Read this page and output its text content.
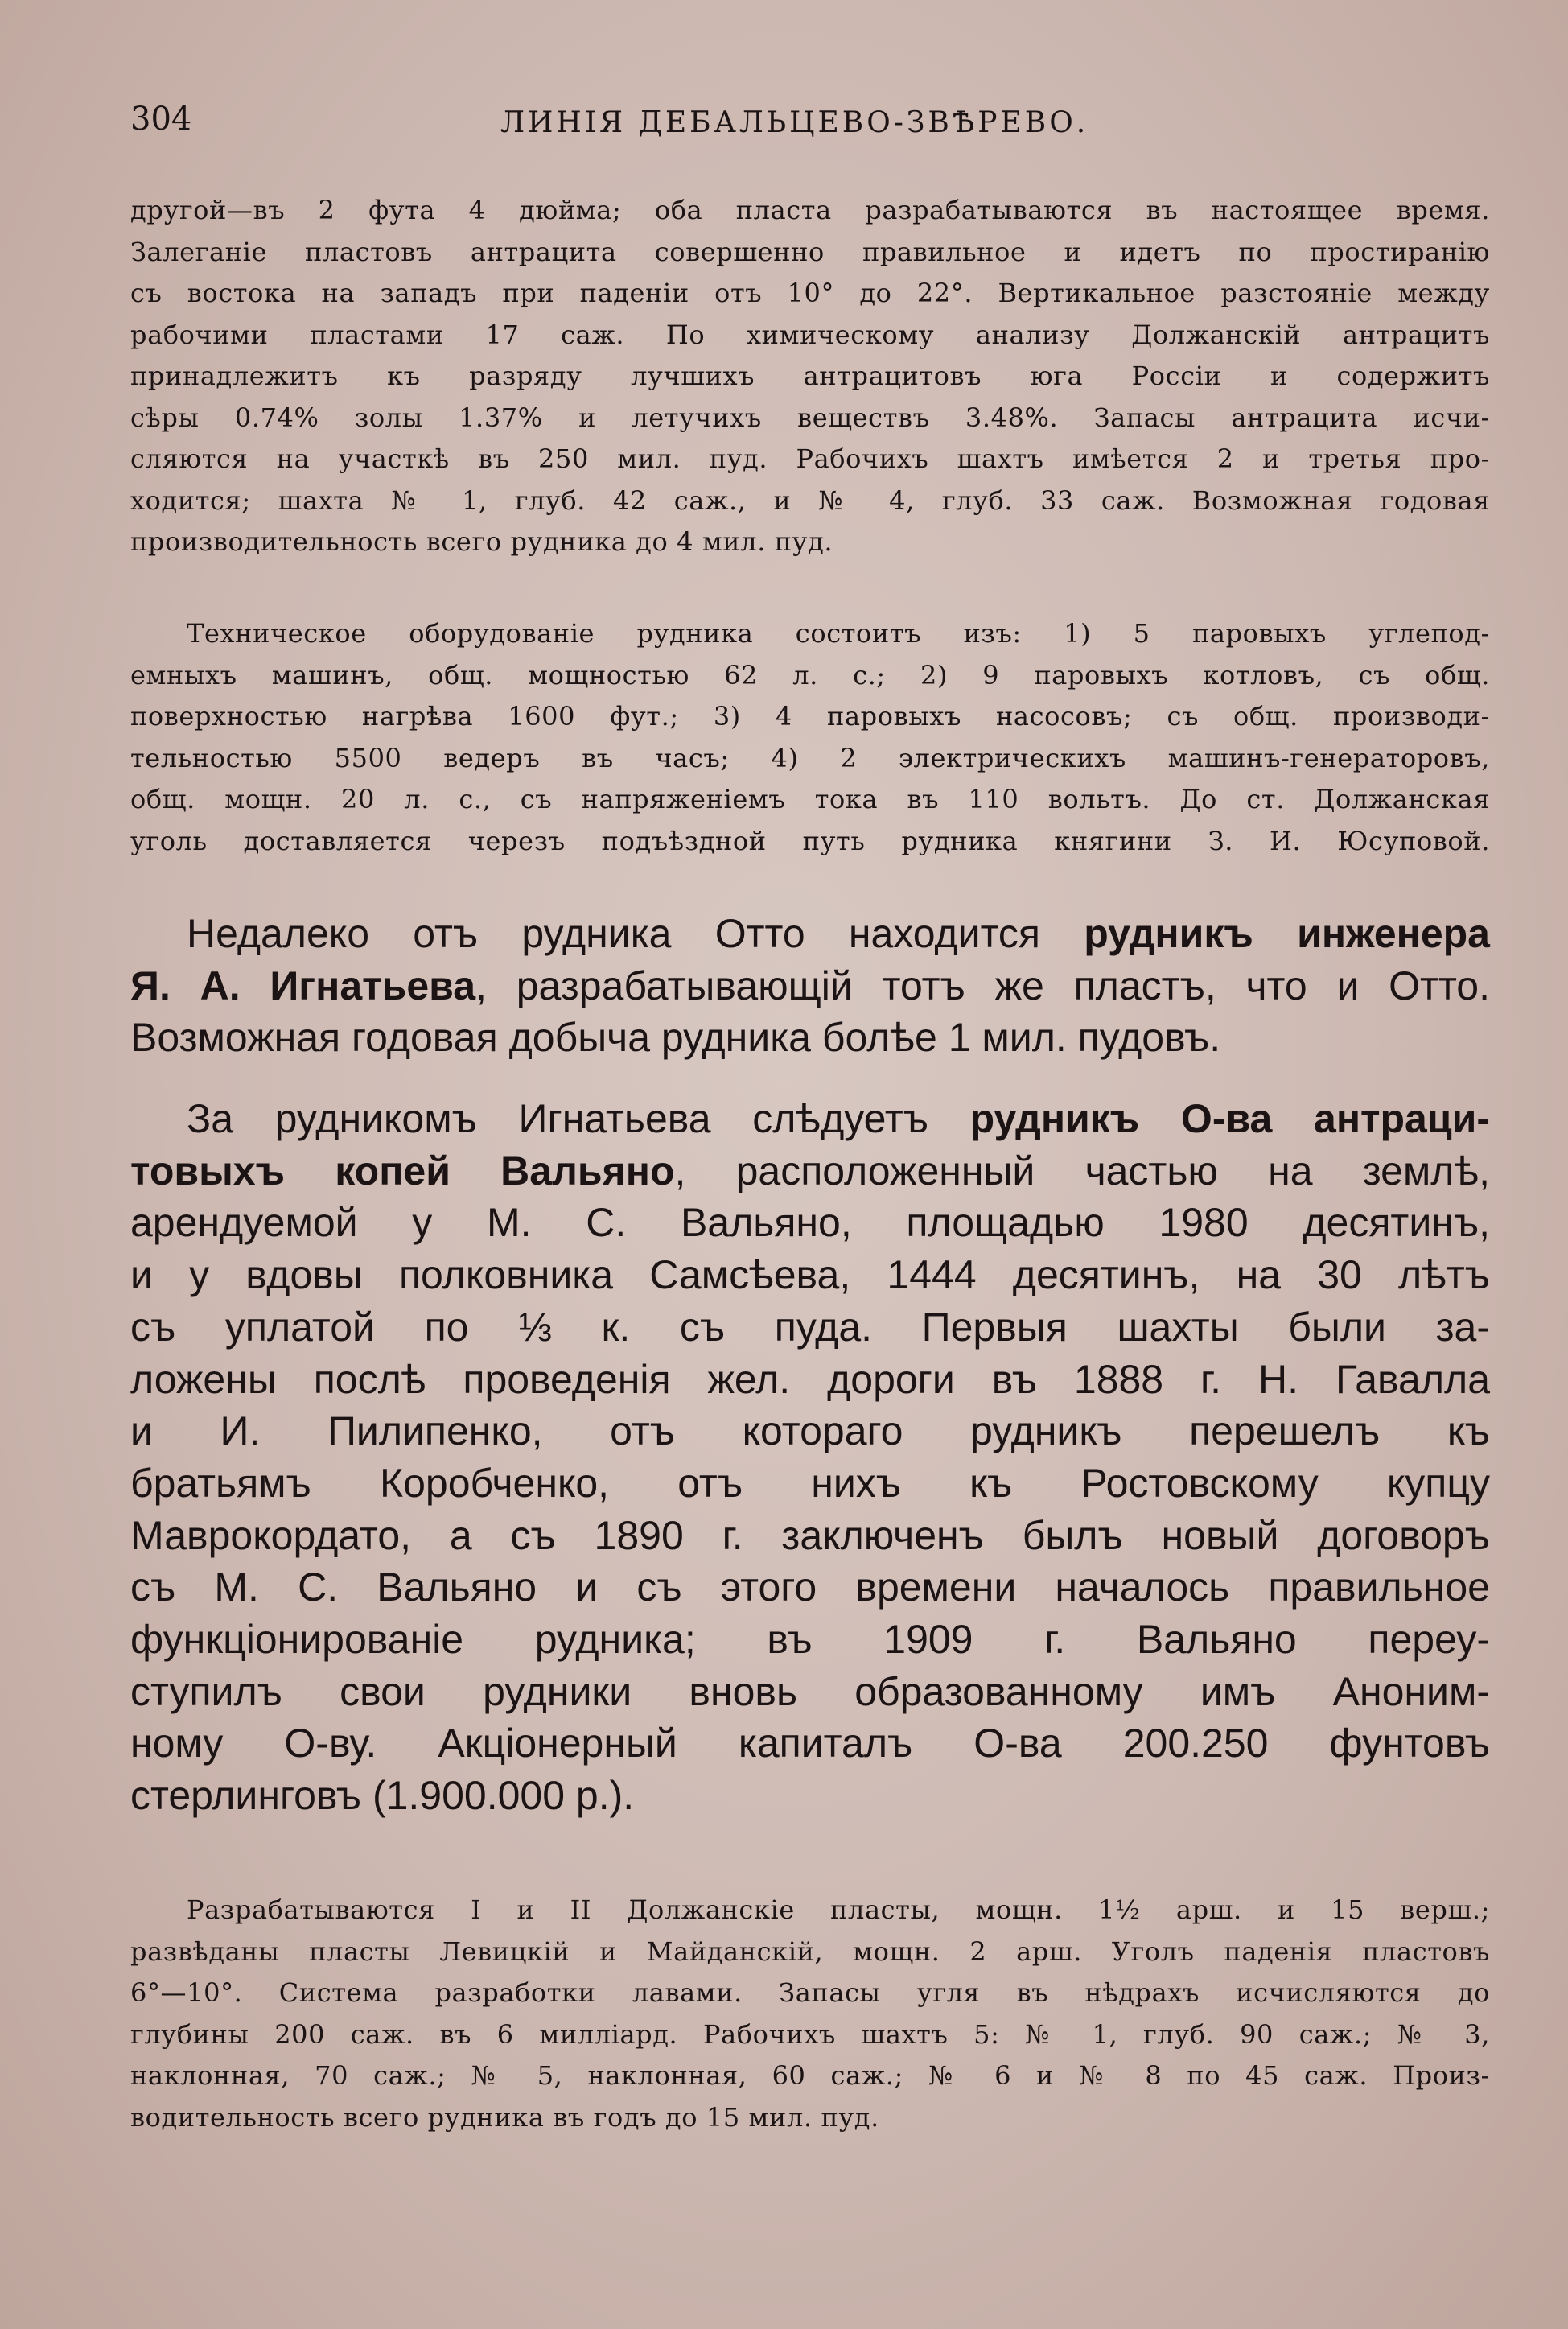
304	ЛИНІЯ ДЕБАЛЬЦЕВО-ЗВѢРЕВО.

другой—въ 2 фута 4 дюйма; оба пласта разрабатываются въ настоящее время.

Залеганіе пластовъ антрацита совершенно правильное и идетъ по простиранію

съ востока на западъ при паденіи отъ 10° до 22°. Вертикальное разстояніе между

рабочими пластами 17 саж. По химическому анализу Должанскій антрацитъ

принадлежитъ къ разряду лучшихъ антрацитовъ юга Россіи и содержитъ

сѣры 0.74% золы 1.37% и летучихъ веществъ 3.48%. Запасы антрацита исчи-

сляются на участкѣ въ 250 мил. пуд. Рабочихъ шахтъ имѣется 2 и третья про-

ходится; шахта № 1, глуб. 42 саж., и № 4, глуб. 33 саж. Возможная годовая

производительность всего рудника до 4 мил. пуд.

Техническое оборудованіе рудника состоитъ изъ: 1) 5 паровыхъ углепод-

емныхъ машинъ, общ. мощностью 62 л. с.; 2) 9 паровыхъ котловъ, съ общ.

поверхностью нагрѣва 1600 фут.; 3) 4 паровыхъ насосовъ; съ общ. производи-

тельностью 5500 ведеръ въ часъ; 4) 2 электрическихъ машинъ-генераторовъ,

общ. мощн. 20 л. с., съ напряженіемъ тока въ 110 вольтъ. До ст. Должанская

уголь доставляется черезъ подъѣздной путь рудника княгини З. И. Юсуповой.

Недалеко отъ рудника Отто находится рудникъ инженера

Я. А. Игнатьева, разрабатывающій тотъ же пластъ, что и Отто.

Возможная годовая добыча рудника болѣе 1 мил. пудовъ.

За рудникомъ Игнатьева слѣдуетъ рудникъ О-ва антраци-

товыхъ копей Вальяно, расположенный частью на землѣ,

арендуемой у М. С. Вальяно, площадью 1980 десятинъ,

и у вдовы полковника Самсѣева, 1444 десятинъ, на 30 лѣтъ

съ уплатой по ⅓ к. съ пуда. Первыя шахты были за-

ложены послѣ проведенія жел. дороги въ 1888 г. Н. Гавалла

и И. Пилипенко, отъ котораго рудникъ перешелъ къ

братьямъ Коробченко, отъ нихъ къ Ростовскому купцу

Маврокордато, а съ 1890 г. заключенъ былъ новый договоръ

съ М. С. Вальяно и съ этого времени началось правильное

функціонированіе рудника; въ 1909 г. Вальяно переу-

ступилъ свои рудники вновь образованному имъ Аноним-

ному О-ву. Акціонерный капиталъ О-ва 200.250 фунтовъ

стерлинговъ (1.900.000 р.).

Разрабатываются I и II Должанскіе пласты, мощн. 1½ арш. и 15 верш.;

развѣданы пласты Левицкій и Майданскій, мощн. 2 арш. Уголъ паденія пластовъ

6°—10°. Система разработки лавами. Запасы угля въ нѣдрахъ исчисляются до

глубины 200 саж. въ 6 милліард. Рабочихъ шахтъ 5: № 1, глуб. 90 саж.; № 3,

наклонная, 70 саж.; № 5, наклонная, 60 саж.; № 6 и № 8 по 45 саж. Произ-

водительность всего рудника въ годъ до 15 мил. пуд.
